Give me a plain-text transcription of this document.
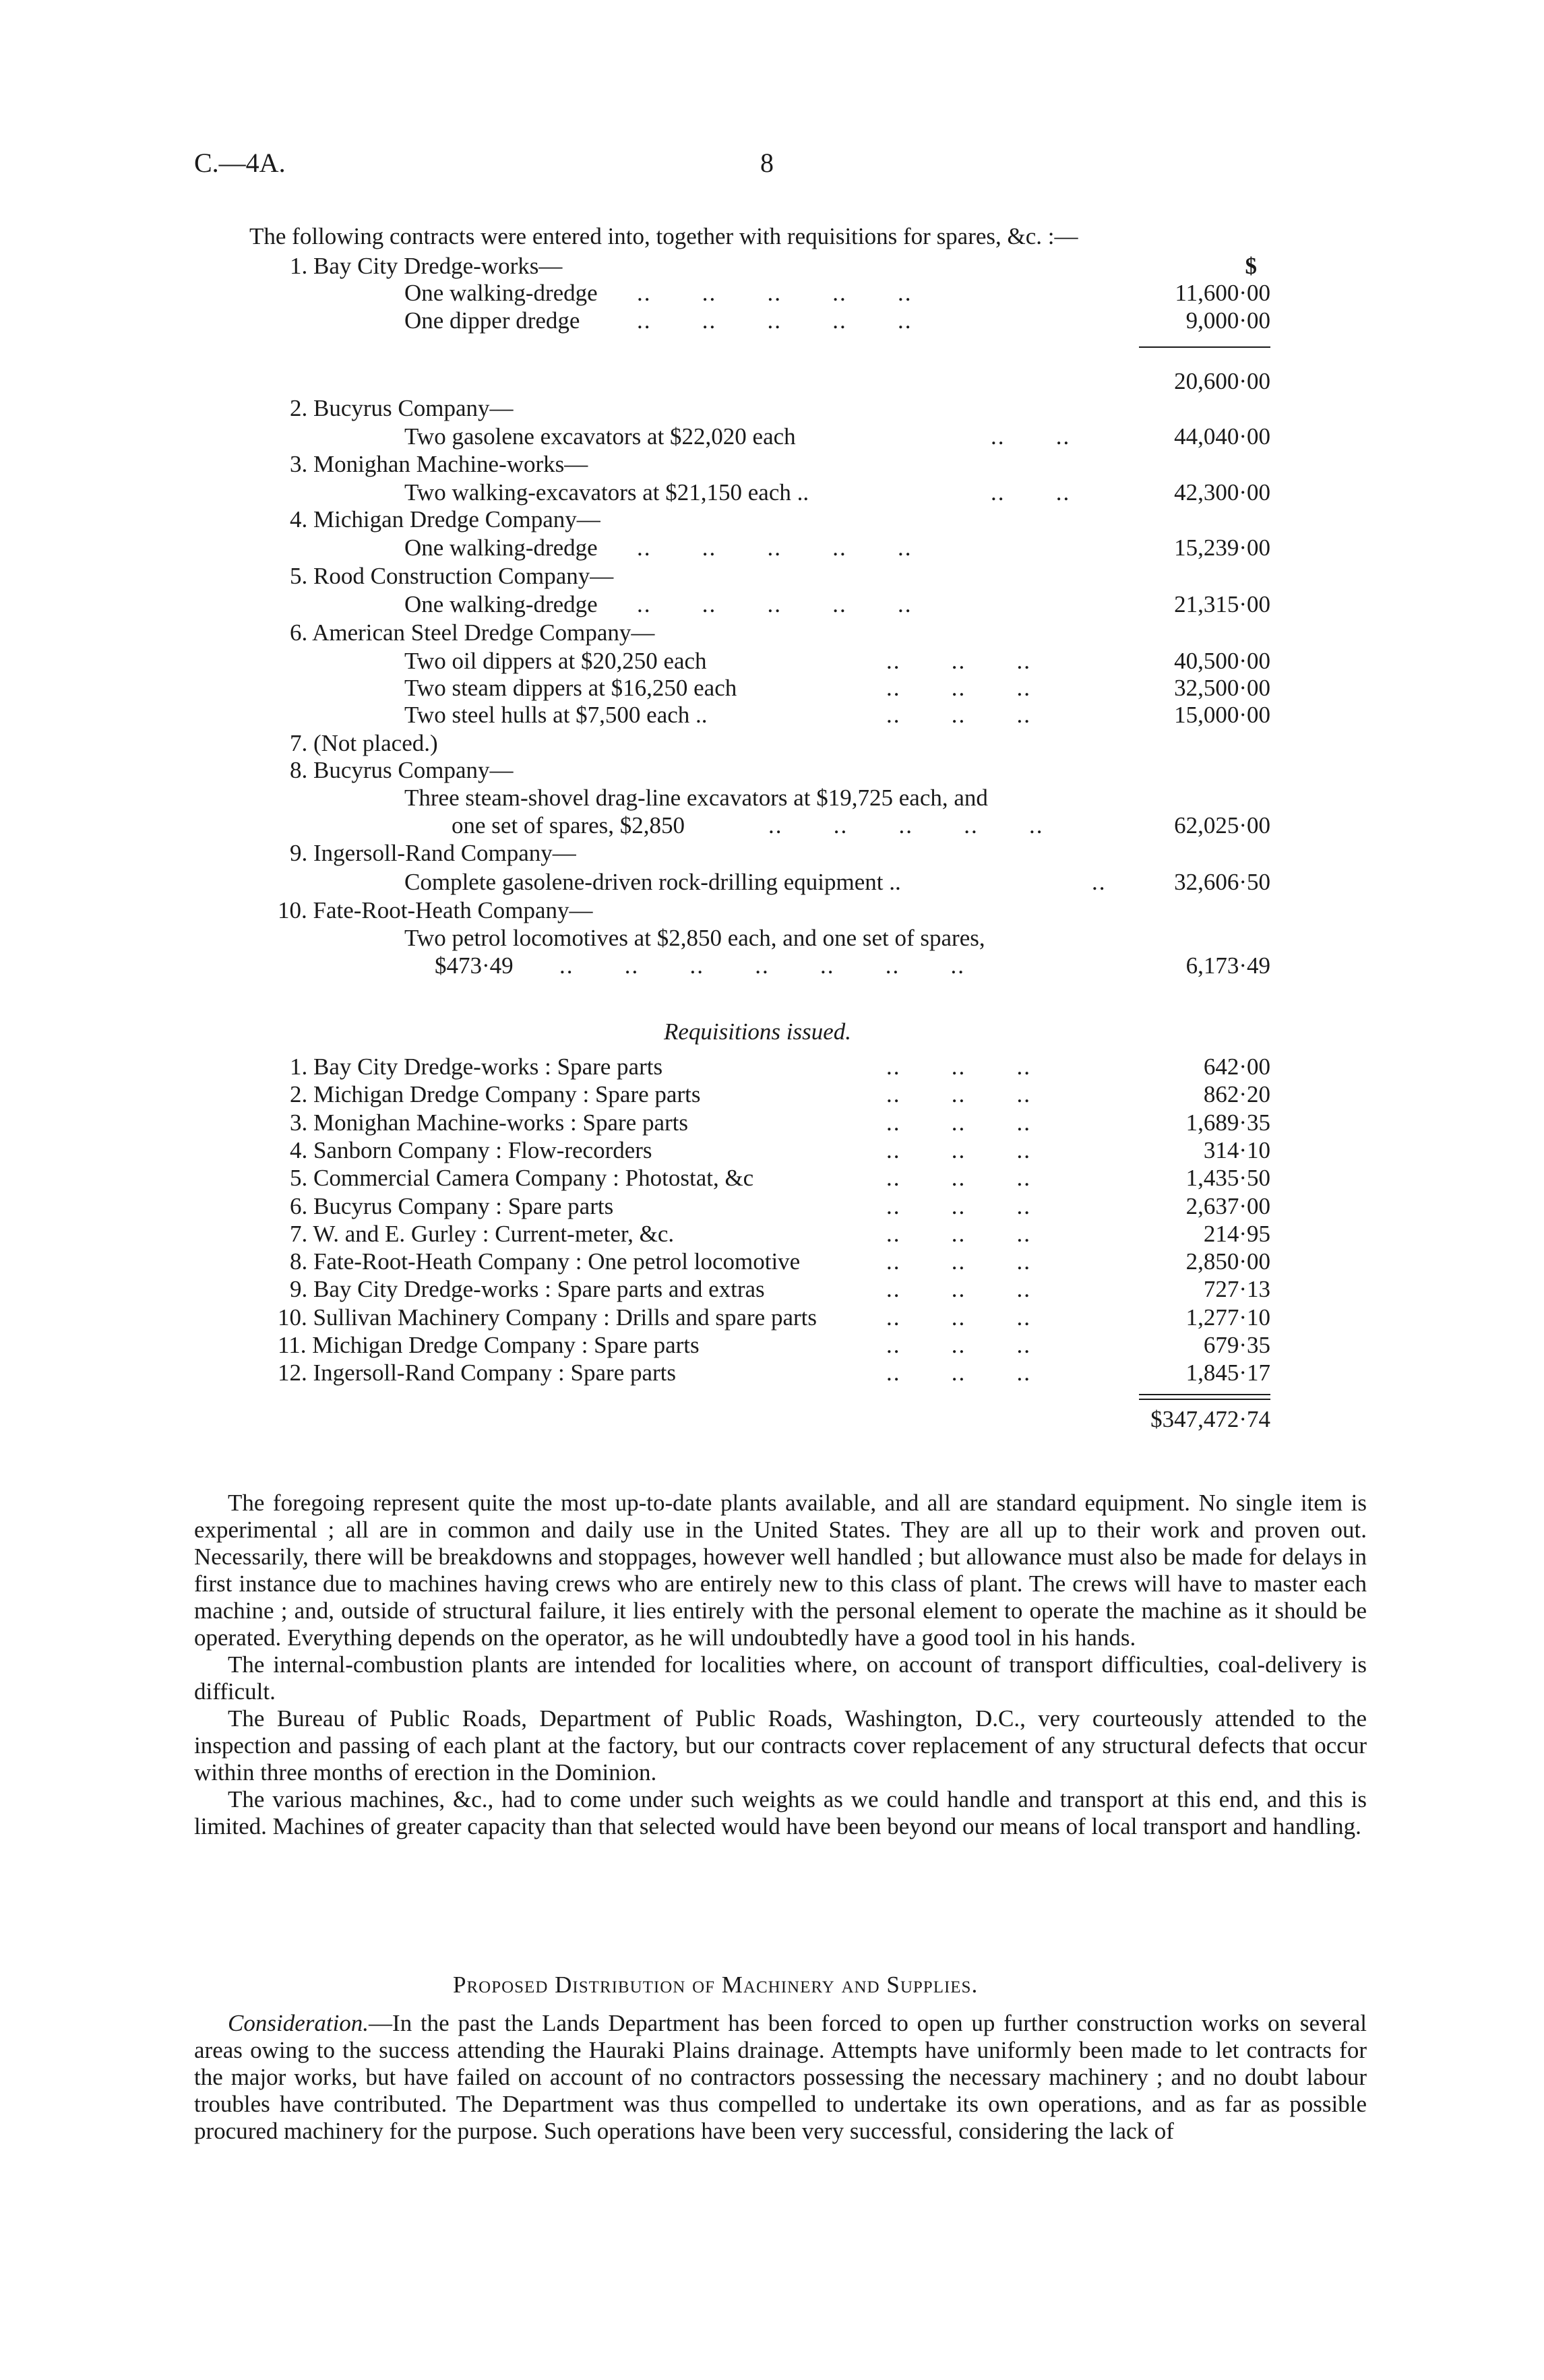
C.—4A.	8
The following contracts were entered into, together with requisitions for spares, &c. :—
$
1. Bay City Dredge-works—
One walking-dredge ..       ..       ..       ..       ..	11,600·00
One dipper dredge ..       ..       ..       ..       ..	9,000·00
20,600·00
2. Bucyrus Company—
Two gasolene excavators at $22,020 each	..       ..	44,040·00
3. Monighan Machine-works—
Two walking-excavators at $21,150 each ..	..       ..	42,300·00
4. Michigan Dredge Company—
One walking-dredge ..       ..       ..       ..       ..	15,239·00
5. Rood Construction Company—
One walking-dredge ..       ..       ..       ..       ..	21,315·00
6. American Steel Dredge Company—
Two oil dippers at $20,250 each	..       ..       ..	40,500·00
Two steam dippers at $16,250 each	..       ..       ..	32,500·00
Two steel hulls at $7,500 each ..	..       ..       ..	15,000·00
7. (Not placed.)
8. Bucyrus Company—
Three steam-shovel drag-line excavators at $19,725 each, and
one set of spares, $2,850	..       ..       ..       ..       ..	62,025·00
9. Ingersoll-Rand Company—
Complete gasolene-driven rock-drilling equipment ..	..	32,606·50
10. Fate-Root-Heath Company—
Two petrol locomotives at $2,850 each, and one set of spares,
$473·49 ..       ..       ..       ..       ..       ..       ..	6,173·49
Requisitions issued.
1. Bay City Dredge-works : Spare parts	..       ..       ..	642·00
2. Michigan Dredge Company : Spare parts	..       ..       ..	862·20
3. Monighan Machine-works : Spare parts	..       ..       ..	1,689·35
4. Sanborn Company : Flow-recorders	..       ..       ..	314·10
5. Commercial Camera Company : Photostat, &c	..       ..       ..	1,435·50
6. Bucyrus Company : Spare parts	..       ..       ..	2,637·00
7. W. and E. Gurley : Current-meter, &c.	..       ..       ..	214·95
8. Fate-Root-Heath Company : One petrol locomotive	..       ..       ..	2,850·00
9. Bay City Dredge-works : Spare parts and extras	..       ..       ..	727·13
10. Sullivan Machinery Company : Drills and spare parts	..       ..       ..	1,277·10
11. Michigan Dredge Company : Spare parts	..       ..       ..	679·35
12. Ingersoll-Rand Company : Spare parts	..       ..       ..	1,845·17
$347,472·74

The foregoing represent quite the most up-to-date plants available, and all are standard equipment. No single item is experimental ; all are in common and daily use in the United States. They are all up to their work and proven out. Necessarily, there will be breakdowns and stoppages, however well handled ; but allowance must also be made for delays in first instance due to machines having crews who are entirely new to this class of plant. The crews will have to master each machine ; and, outside of structural failure, it lies entirely with the personal element to operate the machine as it should be operated. Everything depends on the operator, as he will undoubtedly have a good tool in his hands.

The internal-combustion plants are intended for localities where, on account of transport difficulties, coal-delivery is difficult.

The Bureau of Public Roads, Department of Public Roads, Washington, D.C., very courteously attended to the inspection and passing of each plant at the factory, but our contracts cover replacement of any structural defects that occur within three months of erection in the Dominion.

The various machines, &c., had to come under such weights as we could handle and transport at this end, and this is limited. Machines of greater capacity than that selected would have been beyond our means of local transport and handling.

Proposed Distribution of Machinery and Supplies.

Consideration.—In the past the Lands Department has been forced to open up further construction works on several areas owing to the success attending the Hauraki Plains drainage. Attempts have uniformly been made to let contracts for the major works, but have failed on account of no contractors possessing the necessary machinery ; and no doubt labour troubles have contributed. The Department was thus compelled to undertake its own operations, and as far as possible procured machinery for the purpose. Such operations have been very successful, considering the lack of
